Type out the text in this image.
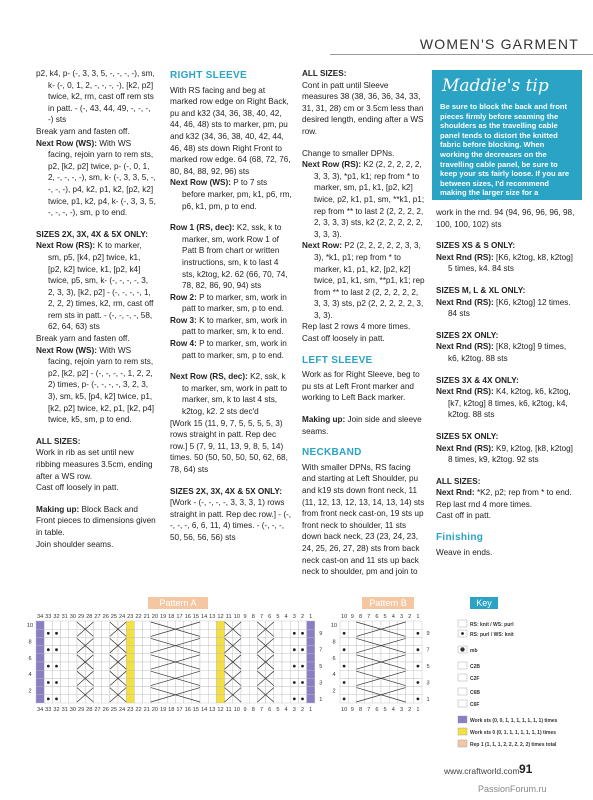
WOMEN'S GARMENT

p2, k4, p- (-, 3, 3, 5, -, -, -, -), sm, k- (-, 0, 1, 2, -, -, -, -), [k2, p2] twice, k2, rm, cast off rem sts in patt. - (-, 43, 44, 49, -, -, -, -) sts

Break yarn and fasten off.

Next Row (WS): With WS facing, rejoin yarn to rem sts, p2, [k2, p2] twice, p- (-, 0, 1, 2, -, -, -, -), sm, k- (-, 3, 3, 5, -, -, -, -), p4, k2, p1, k2, [p2, k2] twice, p1, k2, p4, k- (-, 3, 3, 5, -, -, -, -), sm, p to end.

SIZES 2X, 3X, 4X & 5X ONLY:

Next Row (RS): K to marker, sm, p5, [k4, p2] twice, k1, [p2, k2] twice, k1, [p2, k4] twice, p5, sm, k- (-, -, -, -, 3, 2, 3, 3), [k2, p2] - (-, -, -, -, 1, 2, 2, 2) times, k2, rm, cast off rem sts in patt. - (-, -, -, -, 58, 62, 64, 63) sts

Break yarn and fasten off.

Next Row (WS): With WS facing, rejoin yarn to rem sts, p2, [k2, p2] - (-, -, -, -, 1, 2, 2, 2) times, p- (-, -, -, -, 3, 2, 3, 3), sm, k5, [p4, k2] twice, p1, [k2, p2] twice, k2, p1, [k2, p4] twice, k5, sm, p to end.

ALL SIZES:

Work in rib as set until new ribbing measures 3.5cm, ending after a WS row.

Cast off loosely in patt.

Making up: Block Back and Front pieces to dimensions given in table.

Join shoulder seams.

RIGHT SLEEVE

With RS facing and beg at marked row edge on Right Back, pu and k32 (34, 36, 38, 40, 42, 44, 46, 48) sts to marker, pm, pu and k32 (34, 36, 38, 40, 42, 44, 46, 48) sts down Right Front to marked row edge. 64 (68, 72, 76, 80, 84, 88, 92, 96) sts

Next Row (WS): P to 7 sts before marker, pm, k1, p6, rm, p6, k1, pm, p to end.

Row 1 (RS, dec): K2, ssk, k to marker, sm, work Row 1 of Patt B from chart or written instructions, sm, k to last 4 sts, k2tog, k2. 62 (66, 70, 74, 78, 82, 86, 90, 94) sts

Row 2: P to marker, sm, work in patt to marker, sm, p to end.

Row 3: K to marker, sm, work in patt to marker, sm, k to end.

Row 4: P to marker, sm, work in patt to marker, sm, p to end.

Next Row (RS, dec): K2, ssk, k to marker, sm, work in patt to marker, sm, k to last 4 sts, k2tog, k2. 2 sts dec'd

[Work 15 (11, 9, 7, 5, 5, 5, 5, 3) rows straight in patt. Rep dec row.] 5 (7, 9, 11, 13, 9, 8, 5, 14) times. 50 (50, 50, 50, 50, 62, 68, 78, 64) sts

SIZES 2X, 3X, 4X & 5X ONLY:

[Work - (-, -, -, -, 3, 3, 3, 1) rows straight in patt. Rep dec row.] - (-, -, -, -, 6, 6, 11, 4) times. - (-, -, -, 50, 56, 56, 56) sts

ALL SIZES:

Cont in patt until Sleeve measures 38 (38, 36, 36, 34, 33, 31, 31, 28) cm or 3.5cm less than desired length, ending after a WS row.

Change to smaller DPNs.

Next Row (RS): K2 (2, 2, 2, 2, 2, 3, 3, 3), *p1, k1; rep from * to marker, sm, p1, k1, [p2, k2] twice, p2, k1, p1, sm, **k1, p1; rep from ** to last 2 (2, 2, 2, 2, 2, 3, 3, 3) sts, k2 (2, 2, 2, 2, 2, 3, 3, 3).

Next Row: P2 (2, 2, 2, 2, 2, 3, 3, 3), *k1, p1; rep from * to marker, k1, p1, k2, [p2, k2] twice, p1, k1, sm, **p1, k1; rep from ** to last 2 (2, 2, 2, 2, 2, 3, 3, 3) sts, p2 (2, 2, 2, 2, 2, 3, 3, 3).

Rep last 2 rows 4 more times.

Cast off loosely in patt.

LEFT SLEEVE

Work as for Right Sleeve, beg to pu sts at Left Front marker and working to Left Back marker.

Making up: Join side and sleeve seams.

NECKBAND

With smaller DPNs, RS facing and starting at Left Shoulder, pu and k19 sts down front neck, 11 (11, 12, 13, 12, 13, 14, 13, 14) sts from front neck cast-on, 19 sts up front neck to shoulder, 11 sts down back neck, 23 (23, 24, 23, 24, 25, 26, 27, 28) sts from back neck cast-on and 11 sts up back neck to shoulder, pm and join to

Maddie's tip
Be sure to block the back and front pieces firmly before seaming the shoulders as the travelling cable panel tends to distort the knitted fabric before blocking. When working the decreases on the travelling cable panel, be sure to keep your sts fairly loose. If you are between sizes, I'd recommend making the larger size for a comfortable fit

work in the rnd. 94 (94, 96, 96, 96, 98, 100, 100, 102) sts

SIZES XS & S ONLY:

Next Rnd (RS): [K6, k2tog, k8, k2tog] 5 times, k4. 84 sts

SIZES M, L & XL ONLY:

Next Rnd (RS): [K6, k2tog] 12 times. 84 sts

SIZES 2X ONLY:

Next Rnd (RS): [K8, k2tog] 9 times, k6, k2tog. 88 sts

SIZES 3X & 4X ONLY:

Next Rnd (RS): K4, k2tog, k6, k2tog, [k7, k2tog] 8 times, k6, k2tog, k4, k2tog. 88 sts

SIZES 5X ONLY:

Next Rnd (RS): K9, k2tog, [k8, k2tog] 8 times, k9, k2tog. 92 sts

ALL SIZES:

Next Rnd: *K2, p2; rep from * to end.

Rep last rnd 4 more times.

Cast off in patt.

Finishing

Weave in ends.

Pattern A	Pattern B	Key
34
34
33
33
32
32
31
31
30
30
29
29
28
28
27
27
26
26
25
25
24
24
23
23
22
22
21
21
20
20
19
19
18
18
17
17
16
16
15
15
14
14
13
13
12
12
11
11
10
10
9
9
8
8
7
7
6
6
5
5
4
4
3
3
2
2
1
1
10
8
6
4
2
9
7
5
3
1
10
10
9
9
8
8
7
7
6
6
5
5
4
4
3
3
2
2
1
1
10
8
6
4
2
9
7
5
3
1
RS: knit / WS: purl
RS: purl / WS: knit
mb
C2B
C2F
C6B
C6F
Work sts (0, 0, 1, 1, 1, 1, 1, 1, 1) times
Work sts 0 (0, 1, 1, 1, 1, 1, 1, 1) times
Rep 1 (1, 1, 1, 2, 2, 2, 2, 2) times total
www.craftworld.com 91
PassionForum.ru
